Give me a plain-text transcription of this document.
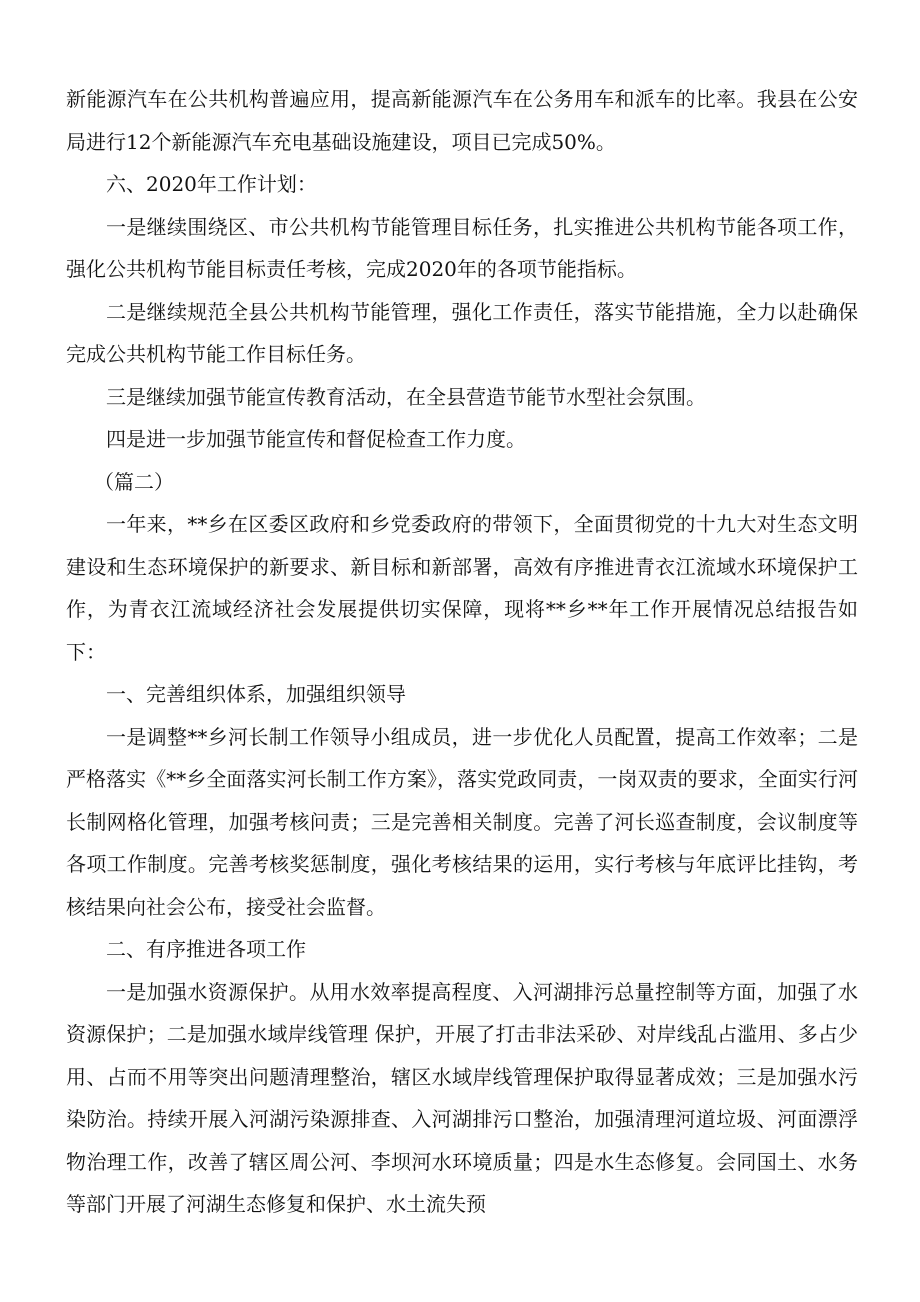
新能源汽车在公共机构普遍应用，提高新能源汽车在公务用车和派车的比率。我县在公安局进行12个新能源汽车充电基础设施建设，项目已完成50%。

六、2020年工作计划：

一是继续围绕区、市公共机构节能管理目标任务，扎实推进公共机构节能各项工作，强化公共机构节能目标责任考核，完成2020年的各项节能指标。

二是继续规范全县公共机构节能管理，强化工作责任，落实节能措施，全力以赴确保完成公共机构节能工作目标任务。

三是继续加强节能宣传教育活动，在全县营造节能节水型社会氛围。

四是进一步加强节能宣传和督促检查工作力度。

（篇二）

一年来，**乡在区委区政府和乡党委政府的带领下，全面贯彻党的十九大对生态文明建设和生态环境保护的新要求、新目标和新部署，高效有序推进青衣江流域水环境保护工作，为青衣江流域经济社会发展提供切实保障，现将**乡**年工作开展情况总结报告如下：

一、完善组织体系，加强组织领导

一是调整**乡河长制工作领导小组成员，进一步优化人员配置，提高工作效率；二是严格落实《**乡全面落实河长制工作方案》，落实党政同责，一岗双责的要求，全面实行河长制网格化管理，加强考核问责；三是完善相关制度。完善了河长巡查制度，会议制度等各项工作制度。完善考核奖惩制度，强化考核结果的运用，实行考核与年底评比挂钩，考核结果向社会公布，接受社会监督。

二、有序推进各项工作

一是加强水资源保护。从用水效率提高程度、入河湖排污总量控制等方面，加强了水资源保护；二是加强水域岸线管理 保护，开展了打击非法采砂、对岸线乱占滥用、多占少用、占而不用等突出问题清理整治，辖区水域岸线管理保护取得显著成效；三是加强水污染防治。持续开展入河湖污染源排查、入河湖排污口整治，加强清理河道垃圾、河面漂浮物治理工作，改善了辖区周公河、李坝河水环境质量；四是水生态修复。会同国土、水务等部门开展了河湖生态修复和保护、水土流失预
